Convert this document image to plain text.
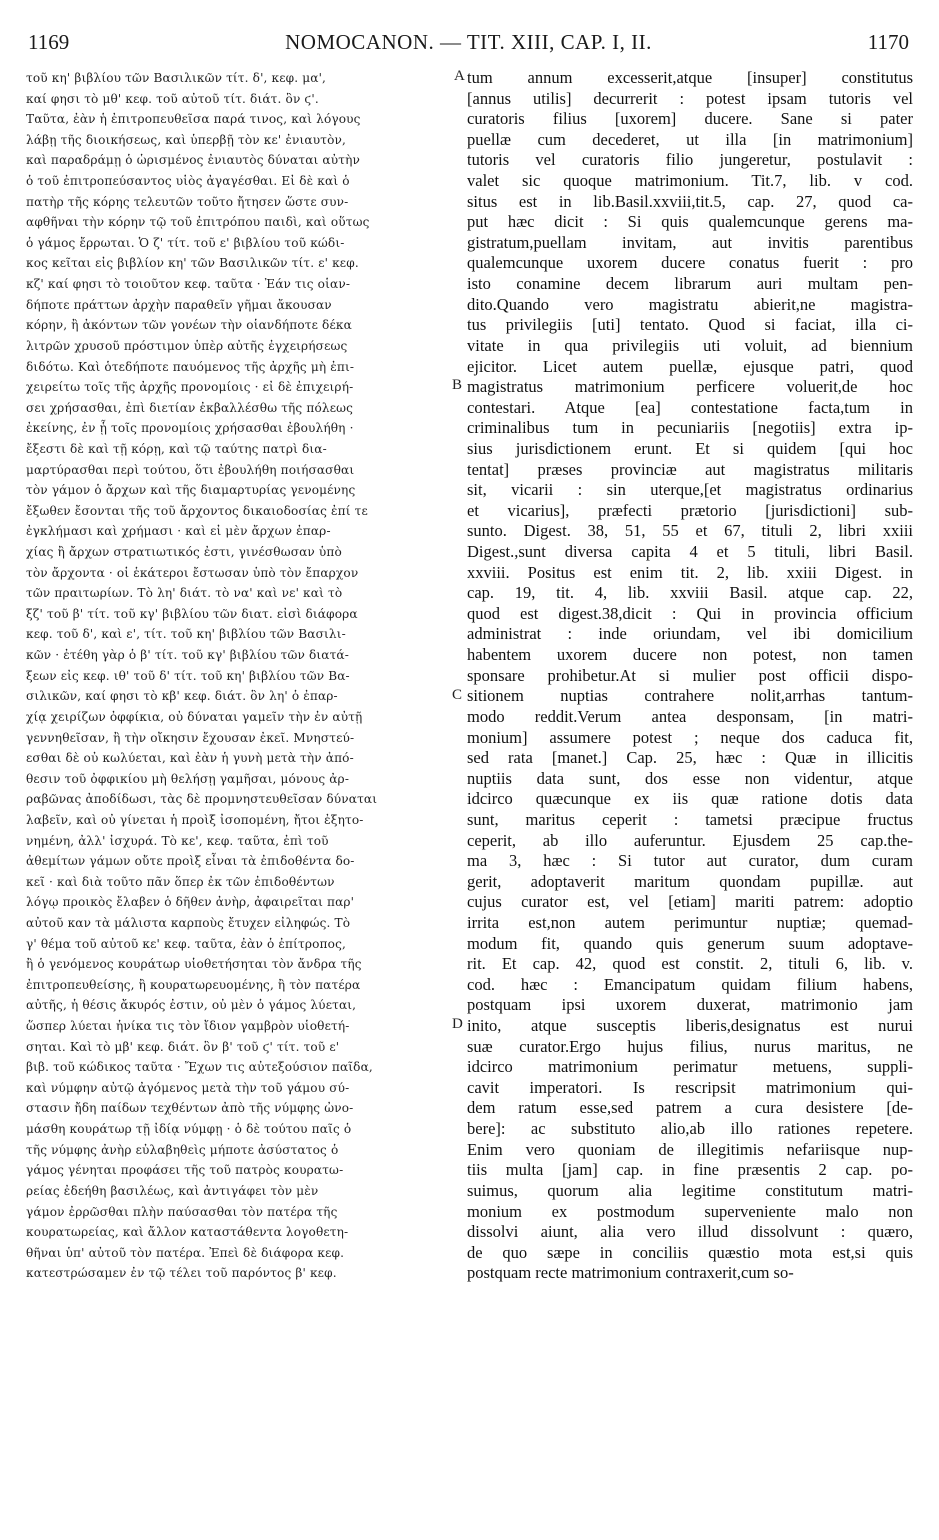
1169	NOMOCANON. — TIT. XIII, CAP. I, II.	1170
τοῦ κη' βιβλίου τῶν Βασιλικῶν τίτ. δ', κεφ. μα',
καί φησι τὸ μθ' κεφ. τοῦ αὐτοῦ τίτ. διάτ. ὃν ϛ'.
Ταῦτα, ἐὰν ἡ ἐπιτροπευθεῖσα παρά τινος, καὶ λόγους
λάβῃ τῆς διοικήσεως, καὶ ὑπερβῇ τὸν κε' ἐνιαυτὸν,
καὶ παραδράμῃ ὁ ὡρισμένος ἐνιαυτὸς δύναται αὐτὴν
ὁ τοῦ ἐπιτροπεύσαντος υἱὸς ἀγαγέσθαι. Εἰ δὲ καὶ ὁ
πατὴρ τῆς κόρης τελευτῶν τοῦτο ἤτησεν ὥστε συν-
αφθῆναι τὴν κόρην τῷ τοῦ ἐπιτρόπου παιδὶ, καὶ οὕτως
ὁ γάμος ἔρρωται. Ὁ ζ' τίτ. τοῦ ε' βιβλίου τοῦ κώδι-
κος κεῖται εἰς βιβλίον κη' τῶν Βασιλικῶν τίτ. ε' κεφ.
κζ' καί φησι τὸ τοιοῦτον κεφ. ταῦτα · Ἐάν τις οἱαν-
δήποτε πράττων ἀρχὴν παραθεῖν γῆμαι ἄκουσαν
κόρην, ἢ ἀκόντων τῶν γονέων τὴν οἱανδήποτε δέκα
λιτρῶν χρυσοῦ πρόστιμον ὑπὲρ αὐτῆς ἐγχειρήσεως
διδότω. Καὶ ὁτεδήποτε παυόμενος τῆς ἀρχῆς μὴ ἐπι-
χειρείτω τοῖς τῆς ἀρχῆς προνομίοις · εἰ δὲ ἐπιχειρή-
σει χρήσασθαι, ἐπὶ διετίαν ἐκβαλλέσθω τῆς πόλεως
ἐκείνης, ἐν ᾗ τοῖς προνομίοις χρήσασθαι ἐβουλήθη ·
ἔξεστι δὲ καὶ τῇ κόρῃ, καὶ τῷ ταύτης πατρὶ δια-
μαρτύρασθαι περὶ τούτου, ὅτι ἐβουλήθη ποιήσασθαι
τὸν γάμον ὁ ἄρχων καὶ τῆς διαμαρτυρίας γενομένης
ἔξωθεν ἔσονται τῆς τοῦ ἄρχοντος δικαιοδοσίας ἐπί τε
ἐγκλήμασι καὶ χρήμασι · καὶ εἰ μὲν ἄρχων ἐπαρ-
χίας ἢ ἄρχων στρατιωτικός ἐστι, γινέσθωσαν ὑπὸ
τὸν ἄρχοντα · οἱ ἑκάτεροι ἔστωσαν ὑπὸ τὸν ἔπαρχον
τῶν πραιτωρίων. Τὸ λη' διάτ. τὸ να' καὶ νε' καὶ τὸ
ξζ' τοῦ β' τίτ. τοῦ κγ' βιβλίου τῶν διατ. εἰσὶ διάφορα
κεφ. τοῦ δ', καὶ ε', τίτ. τοῦ κη' βιβλίου τῶν Βασιλι-
κῶν · ἐτέθη γὰρ ὁ β' τίτ. τοῦ κγ' βιβλίου τῶν διατά-
ξεων εἰς κεφ. ιθ' τοῦ δ' τίτ. τοῦ κη' βιβλίου τῶν Βα-
σιλικῶν, καί φησι τὸ κβ' κεφ. διάτ. ὃν λη' ὁ ἐπαρ-
χίᾳ χειρίζων ὀφφίκια, οὐ δύναται γαμεῖν τὴν ἐν αὐτῇ
γεννηθεῖσαν, ἢ τὴν οἴκησιν ἔχουσαν ἐκεῖ. Μνηστεύ-
εσθαι δὲ οὐ κωλύεται, καὶ ἐὰν ἡ γυνὴ μετὰ τὴν ἀπό-
θεσιν τοῦ ὀφφικίου μὴ θελήσῃ γαμῆσαι, μόνους ἀρ-
ραβῶνας ἀποδίδωσι, τὰς δὲ προμνηστευθεῖσαν δύναται
λαβεῖν, καὶ οὐ γίνεται ἡ προὶξ ἰσοπομένη, ἤτοι ἐξητο-
νημένη, ἀλλ' ἰσχυρά. Τὸ κε', κεφ. ταῦτα, ἐπὶ τοῦ
ἀθεμίτων γάμων οὔτε προὶξ εἶναι τὰ ἐπιδοθέντα δο-
κεῖ · καὶ διὰ τοῦτο πᾶν ὅπερ ἐκ τῶν ἐπιδοθέντων
λόγῳ προικὸς ἔλαβεν ὁ δῆθεν ἀνὴρ, ἀφαιρεῖται παρ'
αὐτοῦ καν τὰ μάλιστα καρποὺς ἔτυχεν εἰληφώς. Τὸ
γ' θέμα τοῦ αὐτοῦ κε' κεφ. ταῦτα, ἐὰν ὁ ἐπίτροπος,
ἢ ὁ γενόμενος κουράτωρ υἱοθετήσηται τὸν ἄνδρα τῆς
ἐπιτροπευθείσης, ἢ κουρατωρευομένης, ἢ τὸν πατέρα
αὐτῆς, ἡ θέσις ἄκυρός ἐστιν, οὐ μὲν ὁ γάμος λύεται,
ὥσπερ λύεται ἡνίκα τις τὸν ἴδιον γαμβρὸν υἱοθετή-
σηται. Καὶ τὸ μβ' κεφ. διάτ. ὃν β' τοῦ ϛ' τίτ. τοῦ ε'
βιβ. τοῦ κώδικος ταῦτα · Ἔχων τις αὐτεξούσιον παῖδα,
καὶ νύμφην αὐτῷ ἀγόμενος μετὰ τὴν τοῦ γάμου σύ-
στασιν ἤδη παίδων τεχθέντων ἀπὸ τῆς νύμφης ὠνο-
μάσθη κουράτωρ τῇ ἰδίᾳ νύμφῃ · ὁ δὲ τούτου παῖς ὁ
τῆς νύμφης ἀνὴρ εὐλαβηθεὶς μήποτε ἀσύστατος ὁ
γάμος γένηται προφάσει τῆς τοῦ πατρὸς κουρατω-
ρείας ἐδεήθη βασιλέως, καὶ ἀντιγάφει τὸν μὲν
γάμον ἐρρῶσθαι πλὴν παύσασθαι τὸν πατέρα τῆς
κουρατωρείας, καὶ ἄλλον καταστάθεντα λογοθετη-
θῆναι ὑπ' αὐτοῦ τὸν πατέρα. Ἐπεὶ δὲ διάφορα κεφ.
κατεστρώσαμεν ἐν τῷ τέλει τοῦ παρόντος β' κεφ.
tum annum excesserit,atque [insuper] constitutus
[annus utilis] decurrerit : potest ipsam tutoris vel
curatoris filius [uxorem] ducere. Sane si pater
puellæ cum decederet, ut illa [in matrimonium]
tutoris vel curatoris filio jungeretur, postulavit :
valet sic quoque matrimonium. Tit.7, lib. v cod.
situs est in lib.Basil.xxviii,tit.5, cap. 27, quod ca-
put hæc dicit : Si quis qualemcunque gerens ma-
gistratum,puellam invitam, aut invitis parentibus
qualemcunque uxorem ducere conatus fuerit : pro
isto conamine decem librarum auri multam pen-
dito.Quando vero magistratu abierit,ne magistra-
tus privilegiis [uti] tentato. Quod si faciat, illa ci-
vitate in qua privilegiis uti voluit, ad biennium
ejicitor. Licet autem puellæ, ejusque patri, quod
magistratus matrimonium perficere voluerit,de hoc
contestari. Atque [ea] contestatione facta,tum in
criminalibus tum in pecuniariis [negotiis] extra ip-
sius jurisdictionem erunt. Et si quidem [qui hoc
tentat] præses provinciæ aut magistratus militaris
sit, vicarii : sin uterque,[et magistratus ordinarius
et vicarius], præfecti prætorio [jurisdictioni] sub-
sunto. Digest. 38, 51, 55 et 67, tituli 2, libri xxiii
Digest.,sunt diversa capita 4 et 5 tituli, libri Basil.
xxviii. Positus est enim tit. 2, lib. xxiii Digest. in
cap. 19, tit. 4, lib. xxviii Basil. atque cap. 22,
quod est digest.38,dicit : Qui in provincia officium
administrat : inde oriundam, vel ibi domicilium
habentem uxorem ducere non potest, non tamen
sponsare prohibetur.At si mulier post officii dispo-
sitionem nuptias contrahere nolit,arrhas tantum-
modo reddit.Verum antea desponsam, [in matri-
monium] assumere potest ; neque dos caduca fit,
sed rata [manet.] Cap. 25, hæc : Quæ in illicitis
nuptiis data sunt, dos esse non videntur, atque
idcirco quæcunque ex iis quæ ratione dotis data
sunt, maritus ceperit : tametsi præcipue fructus
ceperit, ab illo auferuntur. Ejusdem 25 cap.the-
ma 3, hæc : Si tutor aut curator, dum curam
gerit, adoptaverit maritum quondam pupillæ. aut
cujus curator est, vel [etiam] mariti patrem: adoptio
irrita est,non autem perimuntur nuptiæ; quemad-
modum fit, quando quis generum suum adoptave-
rit. Et cap. 42, quod est constit. 2, tituli 6, lib. v.
cod. hæc : Emancipatum quidam filium habens,
postquam ipsi uxorem duxerat, matrimonio jam
inito, atque susceptis liberis,designatus est nurui
suæ curator.Ergo hujus filius, nurus maritus, ne
idcirco matrimonium perimatur metuens, suppli-
cavit imperatori. Is rescripsit matrimonium qui-
dem ratum esse,sed patrem a cura desistere [de-
bere]: ac substituto alio,ab illo rationes repetere.
Enim vero quoniam de illegitimis nefariisque nup-
tiis multa [jam] cap. in fine præsentis 2 cap. po-
suimus, quorum alia legitime constitutum matri-
monium ex postmodum superveniente malo non
dissolvi aiunt, alia vero illud dissolvunt : quæro,
de quo sæpe in conciliis quæstio mota est,si quis
postquam recte matrimonium contraxerit,cum so-
A
B
C
D
